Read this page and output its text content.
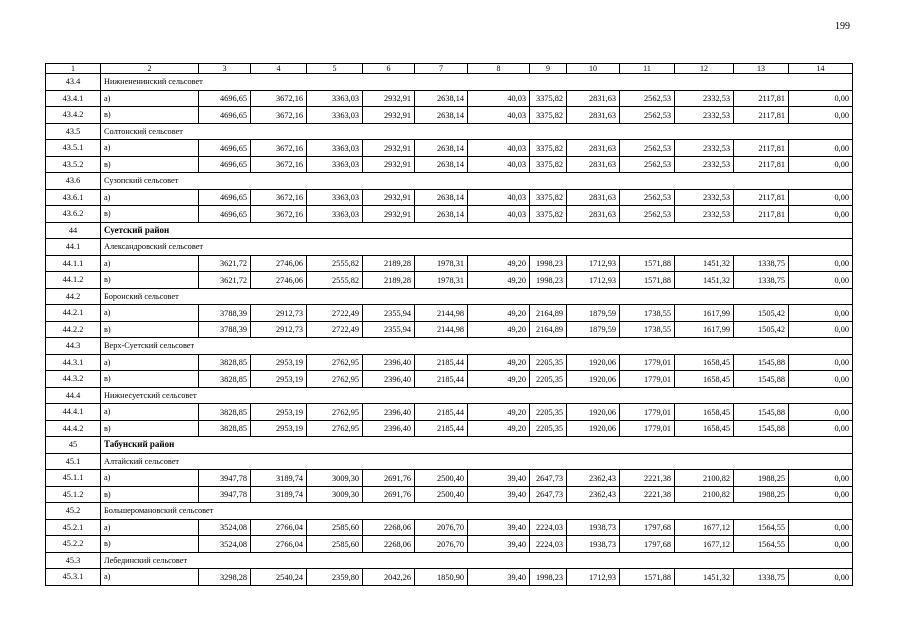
199
1	2	3	4	5	6	7	8	9	10	11	12	13	14
43.4	Нижнененинский сельсовет												
43.4.1	а)	4696,65	3672,16	3363,03	2932,91	2638,14	40,03	3375,82	2831,63	2562,53	2332,53	2117,81	0,00
43.4.2	в)	4696,65	3672,16	3363,03	2932,91	2638,14	40,03	3375,82	2831,63	2562,53	2332,53	2117,81	0,00
43.5	Солтонский сельсовет												
43.5.1	а)	4696,65	3672,16	3363,03	2932,91	2638,14	40,03	3375,82	2831,63	2562,53	2332,53	2117,81	0,00
43.5.2	в)	4696,65	3672,16	3363,03	2932,91	2638,14	40,03	3375,82	2831,63	2562,53	2332,53	2117,81	0,00
43.6	Сузопский сельсовет												
43.6.1	а)	4696,65	3672,16	3363,03	2932,91	2638,14	40,03	3375,82	2831,63	2562,53	2332,53	2117,81	0,00
43.6.2	в)	4696,65	3672,16	3363,03	2932,91	2638,14	40,03	3375,82	2831,63	2562,53	2332,53	2117,81	0,00
44	Суетский район												
44.1	Александровский сельсовет												
44.1.1	а)	3621,72	2746,06	2555,82	2189,28	1978,31	49,20	1998,23	1712,93	1571,88	1451,32	1338,75	0,00
44.1.2	в)	3621,72	2746,06	2555,82	2189,28	1978,31	49,20	1998,23	1712,93	1571,88	1451,32	1338,75	0,00
44.2	Боронский сельсовет												
44.2.1	а)	3788,39	2912,73	2722,49	2355,94	2144,98	49,20	2164,89	1879,59	1738,55	1617,99	1505,42	0,00
44.2.2	в)	3788,39	2912,73	2722,49	2355,94	2144,98	49,20	2164,89	1879,59	1738,55	1617,99	1505,42	0,00
44.3	Верх-Суетский сельсовет												
44.3.1	а)	3828,85	2953,19	2762,95	2396,40	2185,44	49,20	2205,35	1920,06	1779,01	1658,45	1545,88	0,00
44.3.2	в)	3828,85	2953,19	2762,95	2396,40	2185,44	49,20	2205,35	1920,06	1779,01	1658,45	1545,88	0,00
44.4	Нижнесуетский сельсовет												
44.4.1	а)	3828,85	2953,19	2762,95	2396,40	2185,44	49,20	2205,35	1920,06	1779,01	1658,45	1545,88	0,00
44.4.2	в)	3828,85	2953,19	2762,95	2396,40	2185,44	49,20	2205,35	1920,06	1779,01	1658,45	1545,88	0,00
45	Табунский район												
45.1	Алтайский сельсовет												
45.1.1	а)	3947,78	3189,74	3009,30	2691,76	2500,40	39,40	2647,73	2362,43	2221,38	2100,82	1988,25	0,00
45.1.2	в)	3947,78	3189,74	3009,30	2691,76	2500,40	39,40	2647,73	2362,43	2221,38	2100,82	1988,25	0,00
45.2	Большеромановский сельсовет												
45.2.1	а)	3524,08	2766,04	2585,60	2268,06	2076,70	39,40	2224,03	1938,73	1797,68	1677,12	1564,55	0,00
45.2.2	в)	3524,08	2766,04	2585,60	2268,06	2076,70	39,40	2224,03	1938,73	1797,68	1677,12	1564,55	0,00
45.3	Лебединский сельсовет												
45.3.1	а)	3298,28	2540,24	2359,80	2042,26	1850,90	39,40	1998,23	1712,93	1571,88	1451,32	1338,75	0,00
